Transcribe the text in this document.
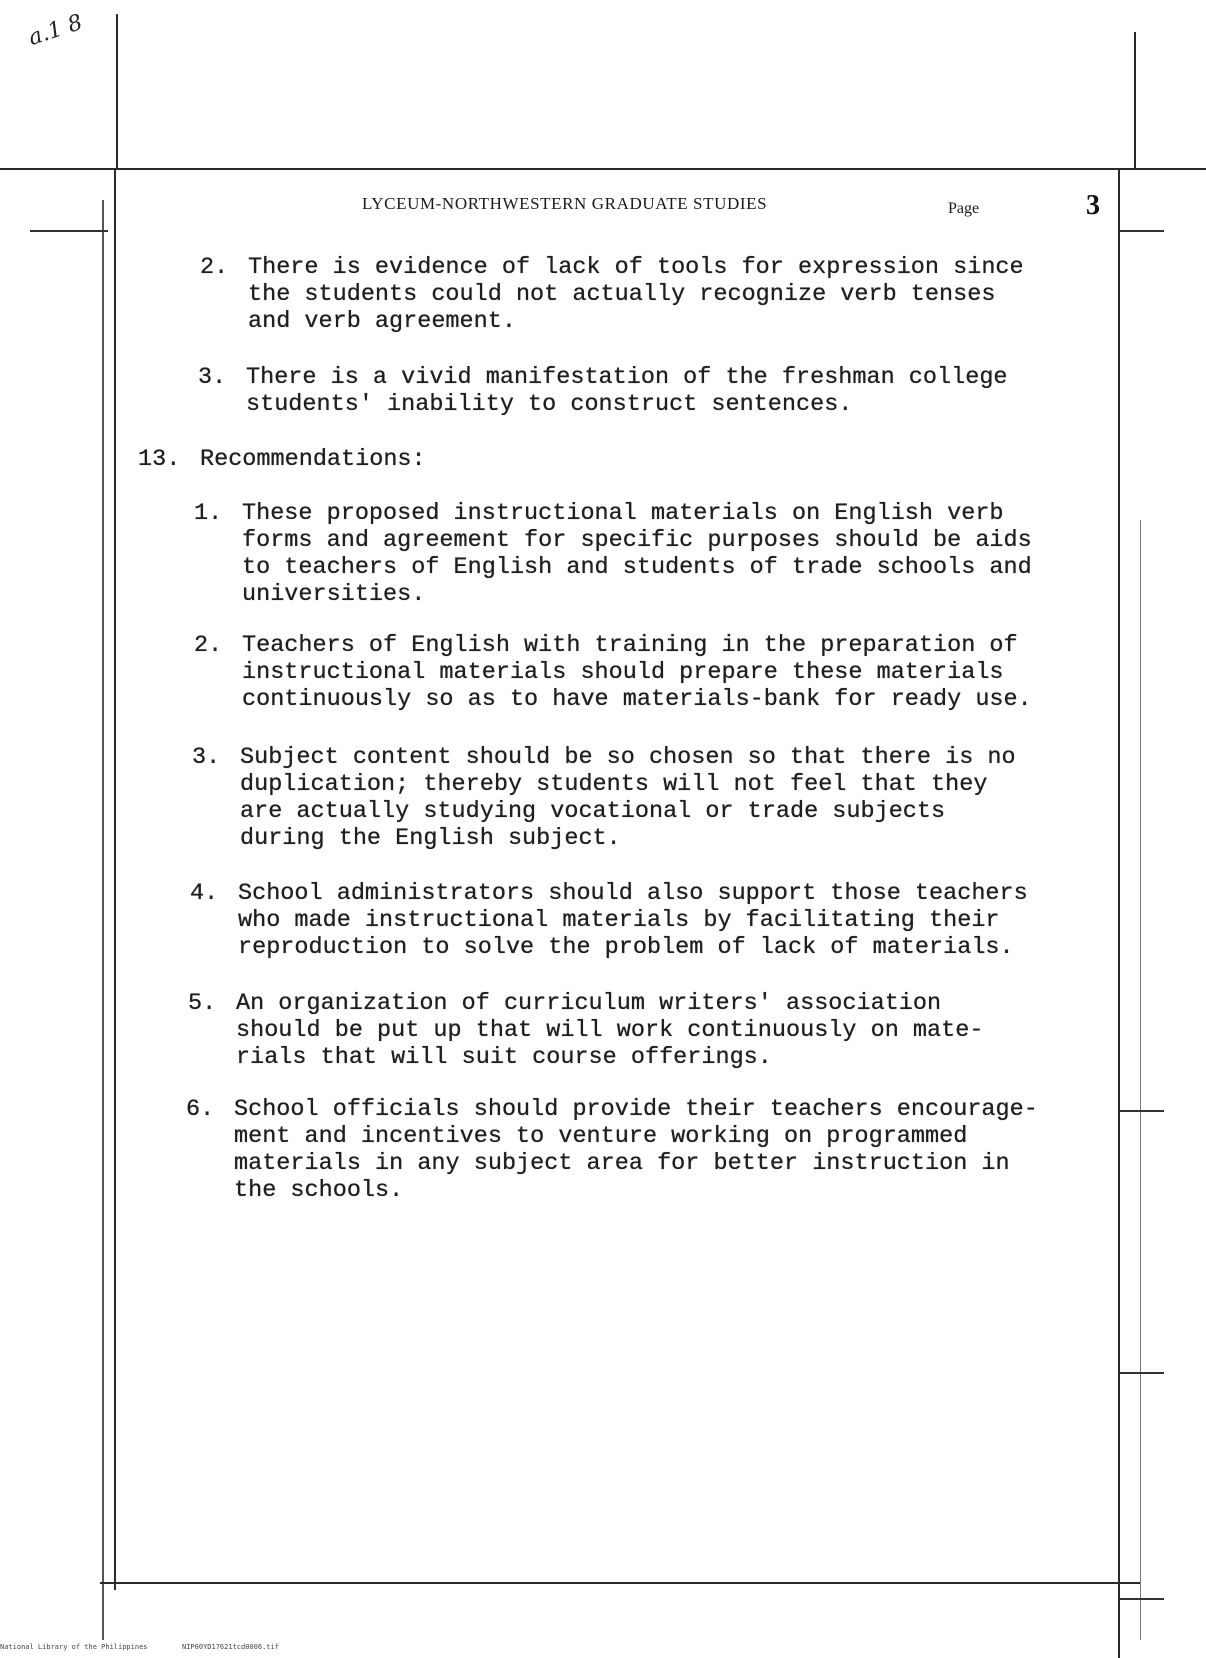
a.1 8
LYCEUM-NORTHWESTERN GRADUATE STUDIES	Page	3
2. There is evidence of lack of tools for expression since
the students could not actually recognize verb tenses
and verb agreement.
3. There is a vivid manifestation of the freshman college
students' inability to construct sentences.
13. Recommendations:
1. These proposed instructional materials on English verb
forms and agreement for specific purposes should be aids
to teachers of English and students of trade schools and
universities.
2. Teachers of English with training in the preparation of
instructional materials should prepare these materials
continuously so as to have materials-bank for ready use.
3. Subject content should be so chosen so that there is no
duplication; thereby students will not feel that they
are actually studying vocational or trade subjects
during the English subject.
4. School administrators should also support those teachers
who made instructional materials by facilitating their
reproduction to solve the problem of lack of materials.
5. An organization of curriculum writers' association
should be put up that will work continuously on mate-
rials that will suit course offerings.
6. School officials should provide their teachers encourage-
ment and incentives to venture working on programmed
materials in any subject area for better instruction in
the schools.
National Library of the Philippines	NIP00YD17621tcd0006.tif
